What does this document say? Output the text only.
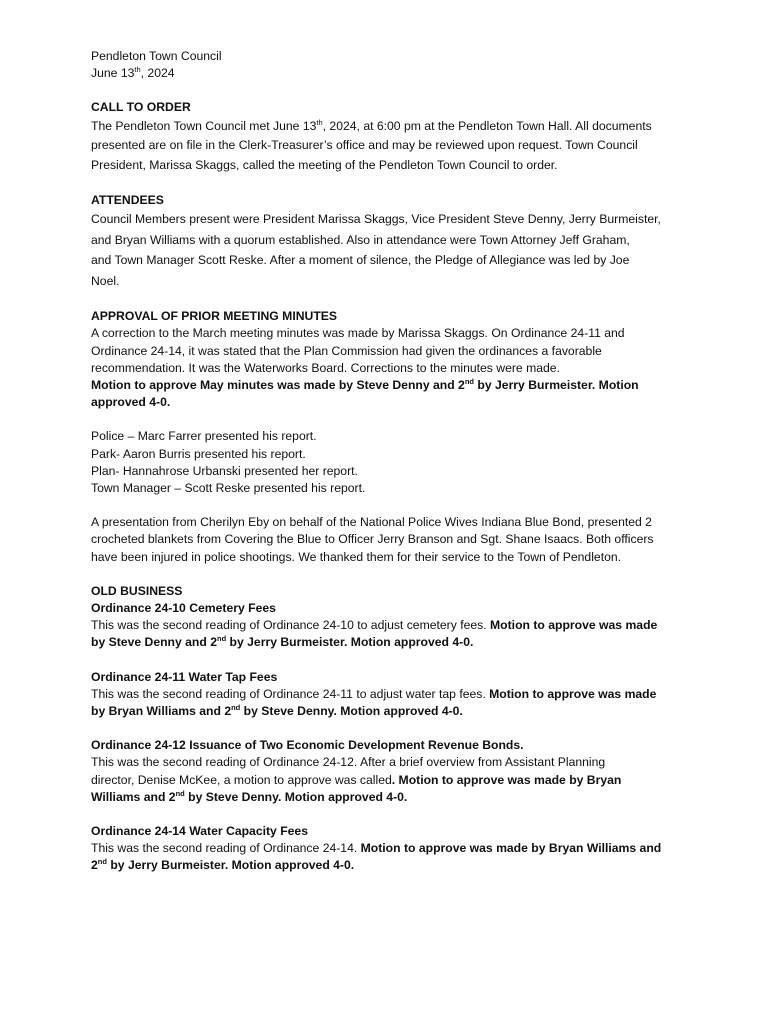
Pendleton Town Council

June 13th, 2024

CALL TO ORDER

The Pendleton Town Council met June 13th, 2024, at 6:00 pm at the Pendleton Town Hall. All documents

presented are on file in the Clerk-Treasurer’s office and may be reviewed upon request. Town Council

President, Marissa Skaggs, called the meeting of the Pendleton Town Council to order.

ATTENDEES

Council Members present were President Marissa Skaggs, Vice President Steve Denny, Jerry Burmeister,

and Bryan Williams with a quorum established. Also in attendance were Town Attorney Jeff Graham,

and Town Manager Scott Reske. After a moment of silence, the Pledge of Allegiance was led by Joe

Noel.

APPROVAL OF PRIOR MEETING MINUTES

A correction to the March meeting minutes was made by Marissa Skaggs. On Ordinance 24-11 and

Ordinance 24-14, it was stated that the Plan Commission had given the ordinances a favorable

recommendation. It was the Waterworks Board. Corrections to the minutes were made.

Motion to approve May minutes was made by Steve Denny and 2nd by Jerry Burmeister. Motion

approved 4-0.

Police – Marc Farrer presented his report.

Park- Aaron Burris presented his report.

Plan- Hannahrose Urbanski presented her report.

Town Manager – Scott Reske presented his report.

A presentation from Cherilyn Eby on behalf of the National Police Wives Indiana Blue Bond, presented 2

crocheted blankets from Covering the Blue to Officer Jerry Branson and Sgt. Shane Isaacs. Both officers

have been injured in police shootings. We thanked them for their service to the Town of Pendleton.

OLD BUSINESS

Ordinance 24-10 Cemetery Fees

This was the second reading of Ordinance 24-10 to adjust cemetery fees. Motion to approve was made

by Steve Denny and 2nd by Jerry Burmeister. Motion approved 4-0.

Ordinance 24-11 Water Tap Fees

This was the second reading of Ordinance 24-11 to adjust water tap fees. Motion to approve was made

by Bryan Williams and 2nd by Steve Denny. Motion approved 4-0.

Ordinance 24-12 Issuance of Two Economic Development Revenue Bonds.

This was the second reading of Ordinance 24-12. After a brief overview from Assistant Planning

director, Denise McKee, a motion to approve was called. Motion to approve was made by Bryan

Williams and 2nd by Steve Denny. Motion approved 4-0.

Ordinance 24-14 Water Capacity Fees

This was the second reading of Ordinance 24-14. Motion to approve was made by Bryan Williams and

2nd by Jerry Burmeister. Motion approved 4-0.
